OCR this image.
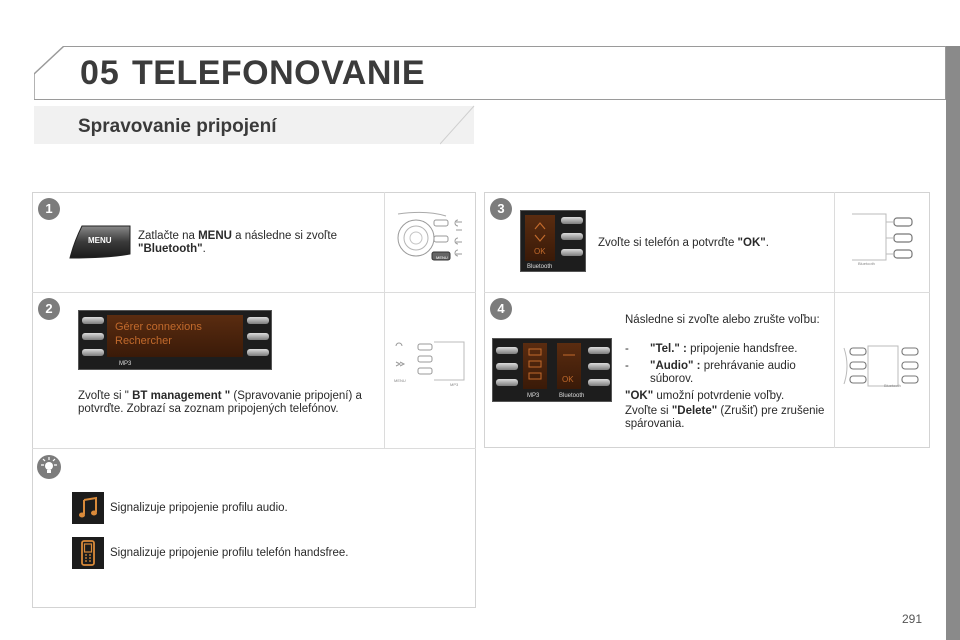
05 TELEFONOVANIE
Spravovanie pripojení
291
1
MENU Zatlačte na MENU a následne si zvoľte
"Bluetooth".
MENU
2
Gérer connexions
Rechercher
MP3
Zvoľte si " BT management " (Spravovanie pripojení) a potvrďte. Zobrazí sa zoznam pripojených telefónov.
MENU
MP3
Signalizuje pripojenie profilu audio.
Signalizuje pripojenie profilu telefón handsfree.
3
OK
Bluetooth
Zvoľte si telefón a potvrďte "OK".
Bluetooth
4
OK
MP3	Bluetooth
Následne si zvoľte alebo zrušte voľbu:
- "Tel." : pripojenie handsfree.
- "Audio" : prehrávanie audio súborov.
"OK" umožní potvrdenie voľby.
Zvoľte si "Delete" (Zrušiť) pre zrušenie spárovania.
Bluetooth
